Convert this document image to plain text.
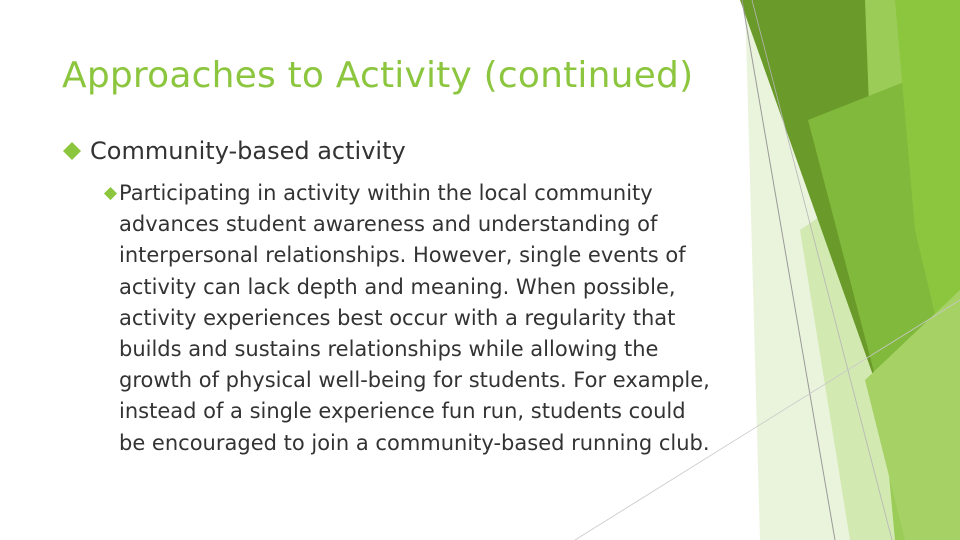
Approaches to Activity (continued)
Community-based activity

Participating in activity within the local community advances student awareness and understanding of interpersonal relationships. However, single events of activity can lack depth and meaning. When possible, activity experiences best occur with a regularity that builds and sustains relationships while allowing the growth of physical well-being for students. For example, instead of a single experience fun run, students could be encouraged to join a community-based running club.
